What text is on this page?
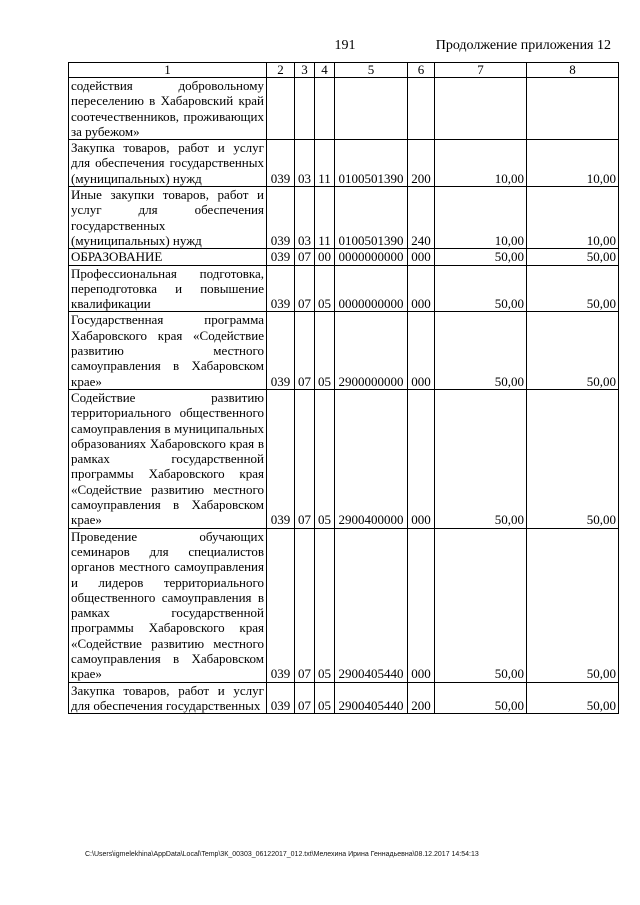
191	Продолжение приложения 12
1	2	3	4	5	6	7	8
содействия добровольному переселению в Хабаровский край соотечественников, проживающих за рубежом»							
Закупка товаров, работ и услуг для обеспечения государственных (муниципальных) нужд	039	03	11	0100501390	200	10,00	10,00
Иные закупки товаров, работ и услуг для обеспечения государственных (муниципальных) нужд	039	03	11	0100501390	240	10,00	10,00
ОБРАЗОВАНИЕ	039	07	00	0000000000	000	50,00	50,00
Профессиональная подготовка, переподготовка и повышение квалификации	039	07	05	0000000000	000	50,00	50,00
Государственная программа Хабаровского края «Содействие развитию местного самоуправления в Хабаровском крае»	039	07	05	2900000000	000	50,00	50,00
Содействие развитию территориального общественного самоуправления в муниципальных образованиях Хабаровского края в рамках государственной программы Хабаровского края «Содействие развитию местного самоуправления в Хабаровском крае»	039	07	05	2900400000	000	50,00	50,00
Проведение обучающих семинаров для специалистов органов местного самоуправления и лидеров территориального общественного самоуправления в рамках государственной программы Хабаровского края «Содействие развитию местного самоуправления в Хабаровском крае»	039	07	05	2900405440	000	50,00	50,00
Закупка товаров, работ и услуг для обеспечения государственных	039	07	05	2900405440	200	50,00	50,00
C:\Users\igmelekhina\AppData\Local\Temp\3К_00303_06122017_012.txt\Мелехина Ирина Геннадьевна\08.12.2017 14:54:13
